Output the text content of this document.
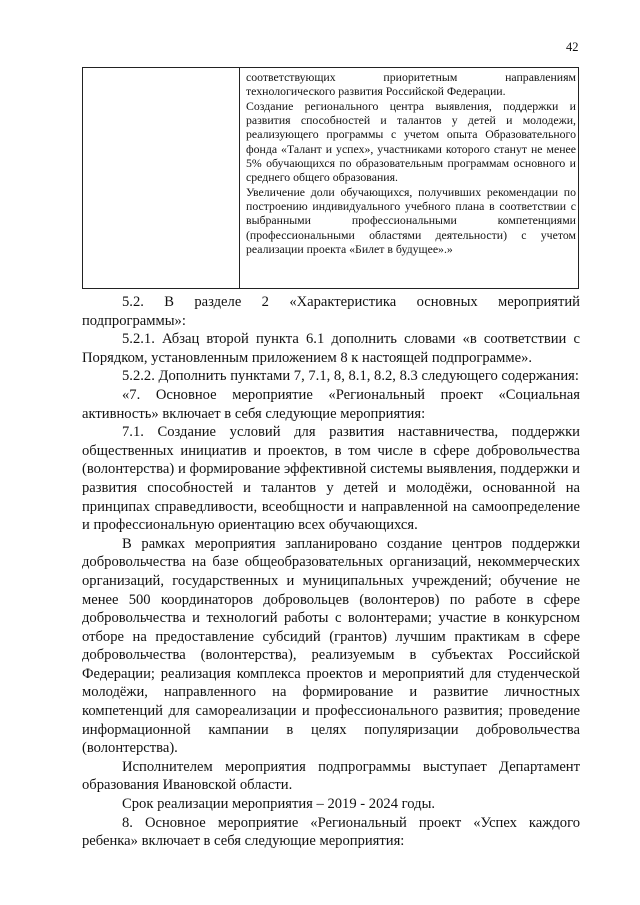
42

соответствующих приоритетным направлениям технологического развития Российской Федерации.

Создание регионального центра выявления, поддержки и развития способностей и талантов у детей и молодежи, реализующего программы с учетом опыта Образовательного фонда «Талант и успех», участниками которого станут не менее 5% обучающихся по образовательным программам основного и среднего общего образования.

Увеличение доли обучающихся, получивших рекомендации по построению индивидуального учебного плана в соответствии с выбранными профессиональными компетенциями (профессиональными областями деятельности) с учетом реализации проекта «Билет в будущее».»

5.2. В разделе 2 «Характеристика основных мероприятий подпрограммы»:

5.2.1. Абзац второй пункта 6.1 дополнить словами «в соответствии с Порядком, установленным приложением 8 к настоящей подпрограмме».

5.2.2. Дополнить пунктами 7, 7.1, 8, 8.1, 8.2, 8.3 следующего содержания:

«7. Основное мероприятие «Региональный проект «Социальная активность» включает в себя следующие мероприятия:

7.1. Создание условий для развития наставничества, поддержки общественных инициатив и проектов, в том числе в сфере добровольчества (волонтерства) и формирование эффективной системы выявления, поддержки и развития способностей и талантов у детей и молодёжи, основанной на принципах справедливости, всеобщности и направленной на самоопределение и профессиональную ориентацию всех обучающихся.

В рамках мероприятия запланировано создание центров поддержки добровольчества на базе общеобразовательных организаций, некоммерческих организаций, государственных и муниципальных учреждений; обучение не менее 500 координаторов добровольцев (волонтеров) по работе в сфере добровольчества и технологий работы с волонтерами; участие в конкурсном отборе на предоставление субсидий (грантов) лучшим практикам в сфере добровольчества (волонтерства), реализуемым в субъектах Российской Федерации; реализация комплекса проектов и мероприятий для студенческой молодёжи, направленного на формирование и развитие личностных компетенций для самореализации и профессионального развития; проведение информационной кампании в целях популяризации добровольчества (волонтерства).

Исполнителем мероприятия подпрограммы выступает Департамент образования Ивановской области.

Срок реализации мероприятия – 2019 - 2024 годы.

8. Основное мероприятие «Региональный проект «Успех каждого ребенка» включает в себя следующие мероприятия:
